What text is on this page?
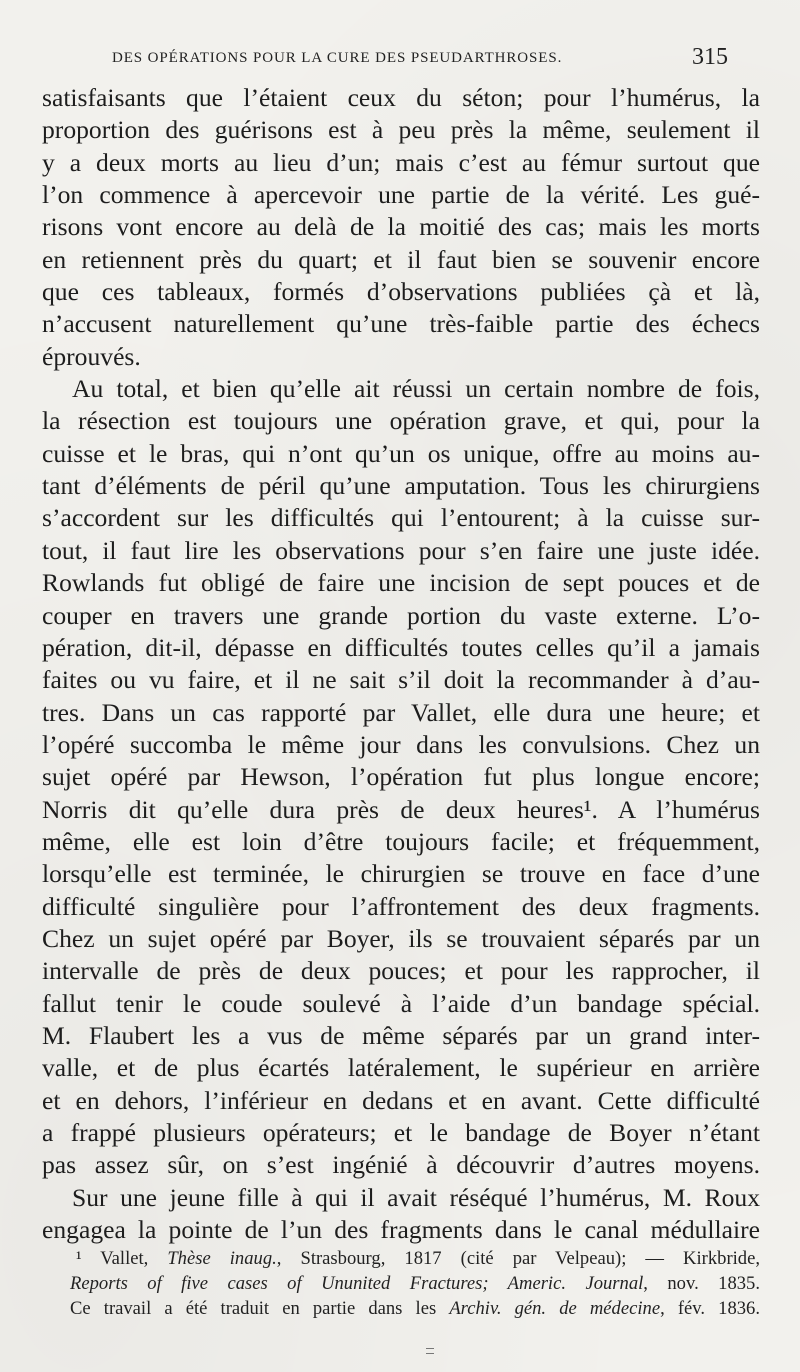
DES OPÉRATIONS POUR LA CURE DES PSEUDARTHROSES.	315
satisfaisants que l’étaient ceux du séton; pour l’humérus, la
proportion des guérisons est à peu près la même, seulement il
y a deux morts au lieu d’un; mais c’est au fémur surtout que
l’on commence à apercevoir une partie de la vérité. Les gué-
risons vont encore au delà de la moitié des cas; mais les morts
en retiennent près du quart; et il faut bien se souvenir encore
que ces tableaux, formés d’observations publiées çà et là,
n’accusent naturellement qu’une très-faible partie des échecs
éprouvés.
Au total, et bien qu’elle ait réussi un certain nombre de fois,
la résection est toujours une opération grave, et qui, pour la
cuisse et le bras, qui n’ont qu’un os unique, offre au moins au-
tant d’éléments de péril qu’une amputation. Tous les chirurgiens
s’accordent sur les difficultés qui l’entourent; à la cuisse sur-
tout, il faut lire les observations pour s’en faire une juste idée.
Rowlands fut obligé de faire une incision de sept pouces et de
couper en travers une grande portion du vaste externe. L’o-
pération, dit-il, dépasse en difficultés toutes celles qu’il a jamais
faites ou vu faire, et il ne sait s’il doit la recommander à d’au-
tres. Dans un cas rapporté par Vallet, elle dura une heure; et
l’opéré succomba le même jour dans les convulsions. Chez un
sujet opéré par Hewson, l’opération fut plus longue encore;
Norris dit qu’elle dura près de deux heures¹. A l’humérus
même, elle est loin d’être toujours facile; et fréquemment,
lorsqu’elle est terminée, le chirurgien se trouve en face d’une
difficulté singulière pour l’affrontement des deux fragments.
Chez un sujet opéré par Boyer, ils se trouvaient séparés par un
intervalle de près de deux pouces; et pour les rapprocher, il
fallut tenir le coude soulevé à l’aide d’un bandage spécial.
M. Flaubert les a vus de même séparés par un grand inter-
valle, et de plus écartés latéralement, le supérieur en arrière
et en dehors, l’inférieur en dedans et en avant. Cette difficulté
a frappé plusieurs opérateurs; et le bandage de Boyer n’étant
pas assez sûr, on s’est ingénié à découvrir d’autres moyens.
Sur une jeune fille à qui il avait réséqué l’humérus, M. Roux
engagea la pointe de l’un des fragments dans le canal médullaire
¹ Vallet, Thèse inaug., Strasbourg, 1817 (cité par Velpeau); — Kirkbride,
Reports of five cases of Ununited Fractures; Americ. Journal, nov. 1835.
Ce travail a été traduit en partie dans les Archiv. gén. de médecine, fév. 1836.
